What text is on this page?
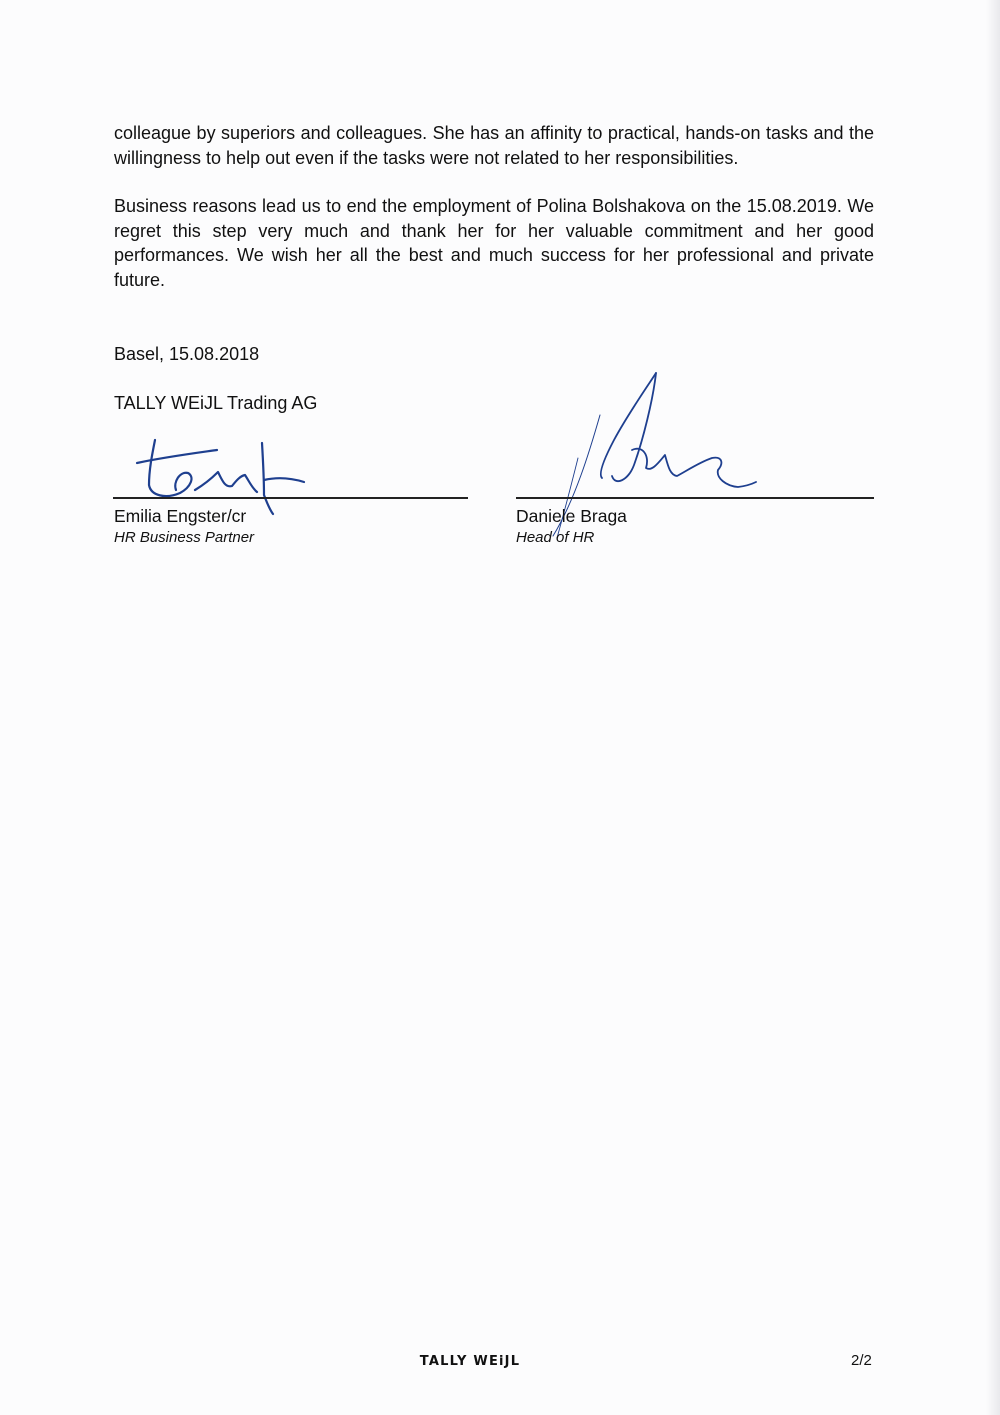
colleague by superiors and colleagues. She has an affinity to practical, hands-on tasks and the willingness to help out even if the tasks were not related to her responsibilities.

Business reasons lead us to end the employment of Polina Bolshakova on the 15.08.2019. We regret this step very much and thank her for her valuable commitment and her good performances. We wish her all the best and much success for her professional and private future.

Basel, 15.08.2018
TALLY WEiJL Trading AG
Emilia Engster/cr
HR Business Partner
Daniele Braga
Head of HR
TALLY WEiJL	2/2
